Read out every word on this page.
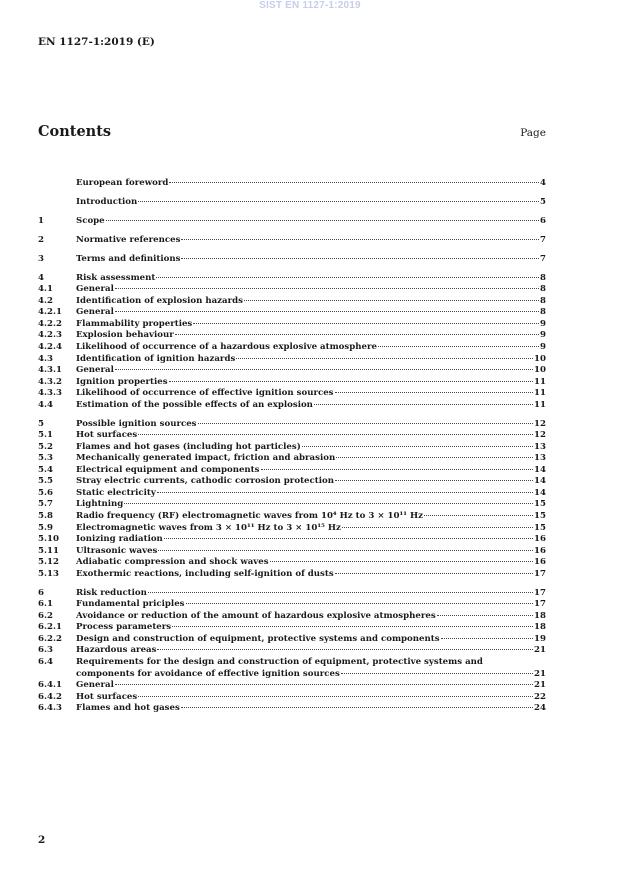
SIST EN 1127-1:2019
EN 1127-1:2019 (E)
Contents	Page
European foreword	4
Introduction	5
1	Scope	6
2	Normative references	7
3	Terms and definitions	7
4	Risk assessment	8
4.1	General	8
4.2	Identification of explosion hazards	8
4.2.1	General	8
4.2.2	Flammability properties	9
4.2.3	Explosion behaviour	9
4.2.4	Likelihood of occurrence of a hazardous explosive atmosphere	9
4.3	Identification of ignition hazards	10
4.3.1	General	10
4.3.2	Ignition properties	11
4.3.3	Likelihood of occurrence of effective ignition sources	11
4.4	Estimation of the possible effects of an explosion	11
5	Possible ignition sources	12
5.1	Hot surfaces	12
5.2	Flames and hot gases (including hot particles)	13
5.3	Mechanically generated impact, friction and abrasion	13
5.4	Electrical equipment and components	14
5.5	Stray electric currents, cathodic corrosion protection	14
5.6	Static electricity	14
5.7	Lightning	15
5.8	Radio frequency (RF) electromagnetic waves from 10⁴ Hz to 3 × 10¹¹ Hz	15
5.9	Electromagnetic waves from 3 × 10¹¹ Hz to 3 × 10¹⁵ Hz	15
5.10	Ionizing radiation	16
5.11	Ultrasonic waves	16
5.12	Adiabatic compression and shock waves	16
5.13	Exothermic reactions, including self-ignition of dusts	17
6	Risk reduction	17
6.1	Fundamental priciples	17
6.2	Avoidance or reduction of the amount of hazardous explosive atmospheres	18
6.2.1	Process parameters	18
6.2.2	Design and construction of equipment, protective systems and components	19
6.3	Hazardous areas	21
6.4	Requirements for the design and construction of equipment, protective systems and
components for avoidance of effective ignition sources	21
6.4.1	General	21
6.4.2	Hot surfaces	22
6.4.3	Flames and hot gases	24
2
